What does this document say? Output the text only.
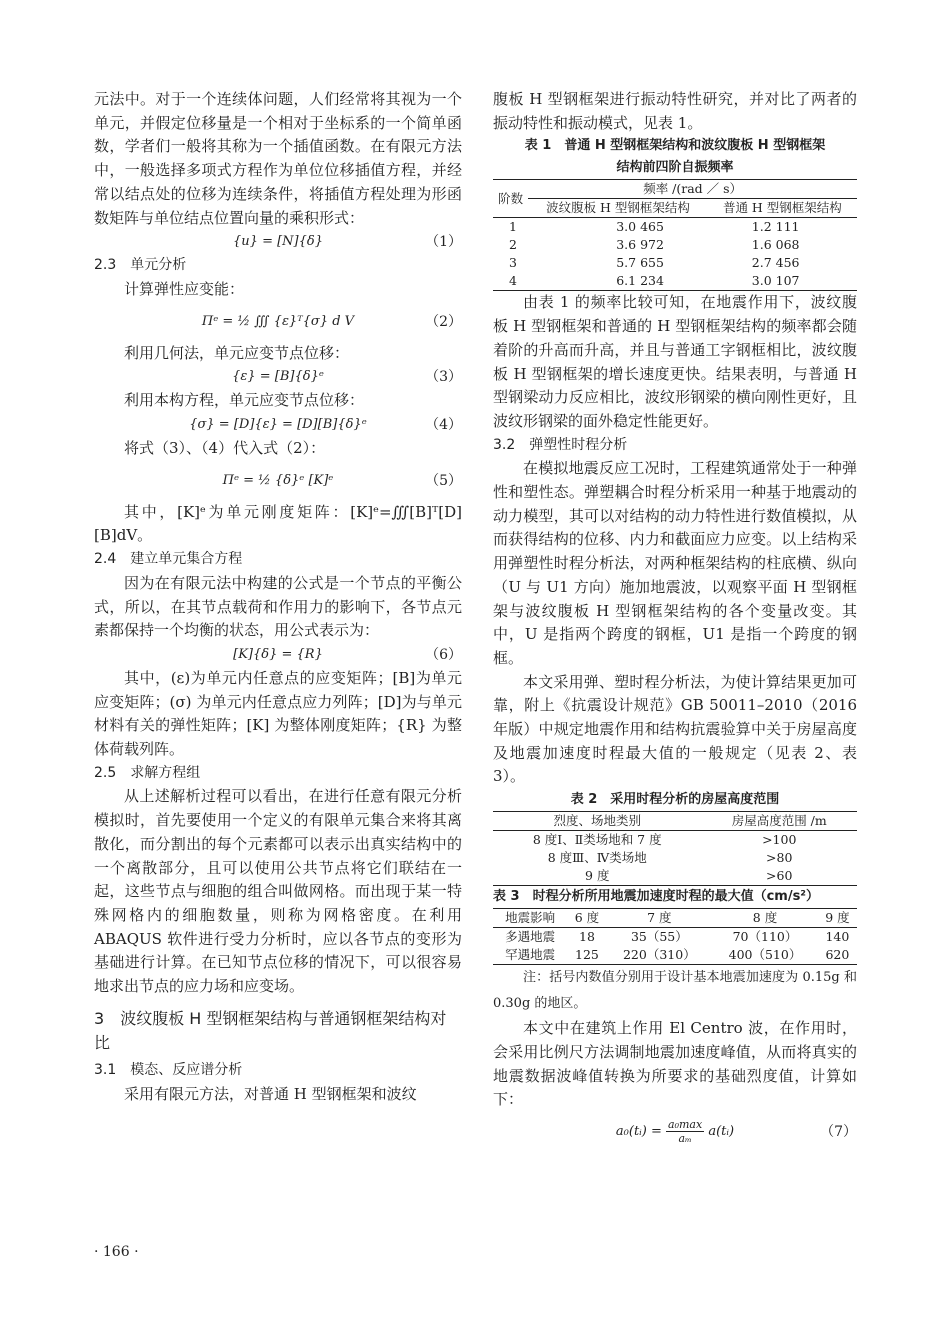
元法中。对于一个连续体问题，人们经常将其视为一个单元，并假定位移量是一个相对于坐标系的一个简单函数，学者们一般将其称为一个插值函数。在有限元方法中，一般选择多项式方程作为单位位移插值方程，并经常以结点处的位移为连续条件，将插值方程处理为形函数矩阵与单位结点位置向量的乘积形式：

{u} = [N]{δ}	（1）
2.3 单元分析

计算弹性应变能：

Πᵉ = ½ ∭ {ε}ᵀ{σ} d V	（2）

利用几何法，单元应变节点位移：

{ε} = [B]{δ}ᵉ	（3）

利用本构方程，单元应变节点位移：

{σ} = [D]{ε} = [D][B]{δ}ᵉ	（4）

将式（3）、（4）代入式（2）：

Πᵉ = ½ {δ}ᵉ [K]ᵉ	（5）

其中，[K]ᵉ为单元刚度矩阵：[K]ᵉ=∭[B]ᵀ[D][B]dV。

2.4 建立单元集合方程

因为在有限元法中构建的公式是一个节点的平衡公式，所以，在其节点载荷和作用力的影响下，各节点元素都保持一个均衡的状态，用公式表示为：

[K]{δ} = {R}	（6）

其中，(ε)为单元内任意点的应变矩阵；[B]为单元应变矩阵；(σ) 为单元内任意点应力列阵；[D]为与单元材料有关的弹性矩阵；[K] 为整体刚度矩阵；{R} 为整体荷载列阵。

2.5 求解方程组

从上述解析过程可以看出，在进行任意有限元分析模拟时，首先要使用一个定义的有限单元集合来将其离散化，而分割出的每个元素都可以表示出真实结构中的一个离散部分，且可以使用公共节点将它们联结在一起，这些节点与细胞的组合叫做网格。而出现于某一特殊网格内的细胞数量，则称为网格密度。在利用 ABAQUS 软件进行受力分析时，应以各节点的变形为基础进行计算。在已知节点位移的情况下，可以很容易地求出节点的应力场和应变场。

3 波纹腹板 H 型钢框架结构与普通钢框架结构对比
3.1 模态、反应谱分析

采用有限元方法，对普通 H 型钢框架和波纹

腹板 H 型钢框架进行振动特性研究，并对比了两者的振动特性和振动模式，见表 1。

表 1　普通 H 型钢框架结构和波纹腹板 H 型钢框架
结构前四阶自振频率
阶数	频率 /(rad ／ s）	
	波纹腹板 H 型钢框架结构	普通 H 型钢框架结构
1	3.0 465	1.2 111
2	3.6 972	1.6 068
3	5.7 655	2.7 456
4	6.1 234	3.0 107

由表 1 的频率比较可知，在地震作用下，波纹腹板 H 型钢框架和普通的 H 型钢框架结构的频率都会随着阶的升高而升高，并且与普通工字钢框相比，波纹腹板 H 型钢框架的增长速度更快。结果表明，与普通 H 型钢梁动力反应相比，波纹形钢梁的横向刚性更好，且波纹形钢梁的面外稳定性能更好。

3.2 弹塑性时程分析

在模拟地震反应工况时，工程建筑通常处于一种弹性和塑性态。弹塑耦合时程分析采用一种基于地震动的动力模型，其可以对结构的动力特性进行数值模拟，从而获得结构的位移、内力和截面应力应变。以上结构采用弹塑性时程分析法，对两种框架结构的柱底横、纵向（U 与 U1 方向）施加地震波，以观察平面 H 型钢框架与波纹腹板 H 型钢框架结构的各个变量改变。其中，U 是指两个跨度的钢框，U1 是指一个跨度的钢框。

本文采用弹、塑时程分析法，为使计算结果更加可靠，附上《抗震设计规范》GB 50011–2010（2016 年版）中规定地震作用和结构抗震验算中关于房屋高度及地震加速度时程最大值的一般规定（见表 2、表 3）。

表 2　采用时程分析的房屋高度范围
烈度、场地类别	房屋高度范围 /m
8 度Ⅰ、Ⅱ类场地和 7 度	>100
8 度Ⅲ、Ⅳ类场地	>80
9 度	>60
表 3　时程分析所用地震加速度时程的最大值（cm/s²）
地震影响	6 度	7 度	8 度	9 度
多遇地震	18	35（55）	70（110）	140
罕遇地震	125	220（310）	400（510）	620

注：括号内数值分别用于设计基本地震加速度为 0.15g 和 0.30g 的地区。

本文中在建筑上作用 El Centro 波，在作用时，会采用比例尺方法调制地震加速度峰值，从而将真实的地震数据波峰值转换为所要求的基础烈度值，计算如下：

a₀(tᵢ) = $\frac{\text{a₀max}}{\text{aₘ}}$ a(tᵢ)	（7）
· 166 ·
